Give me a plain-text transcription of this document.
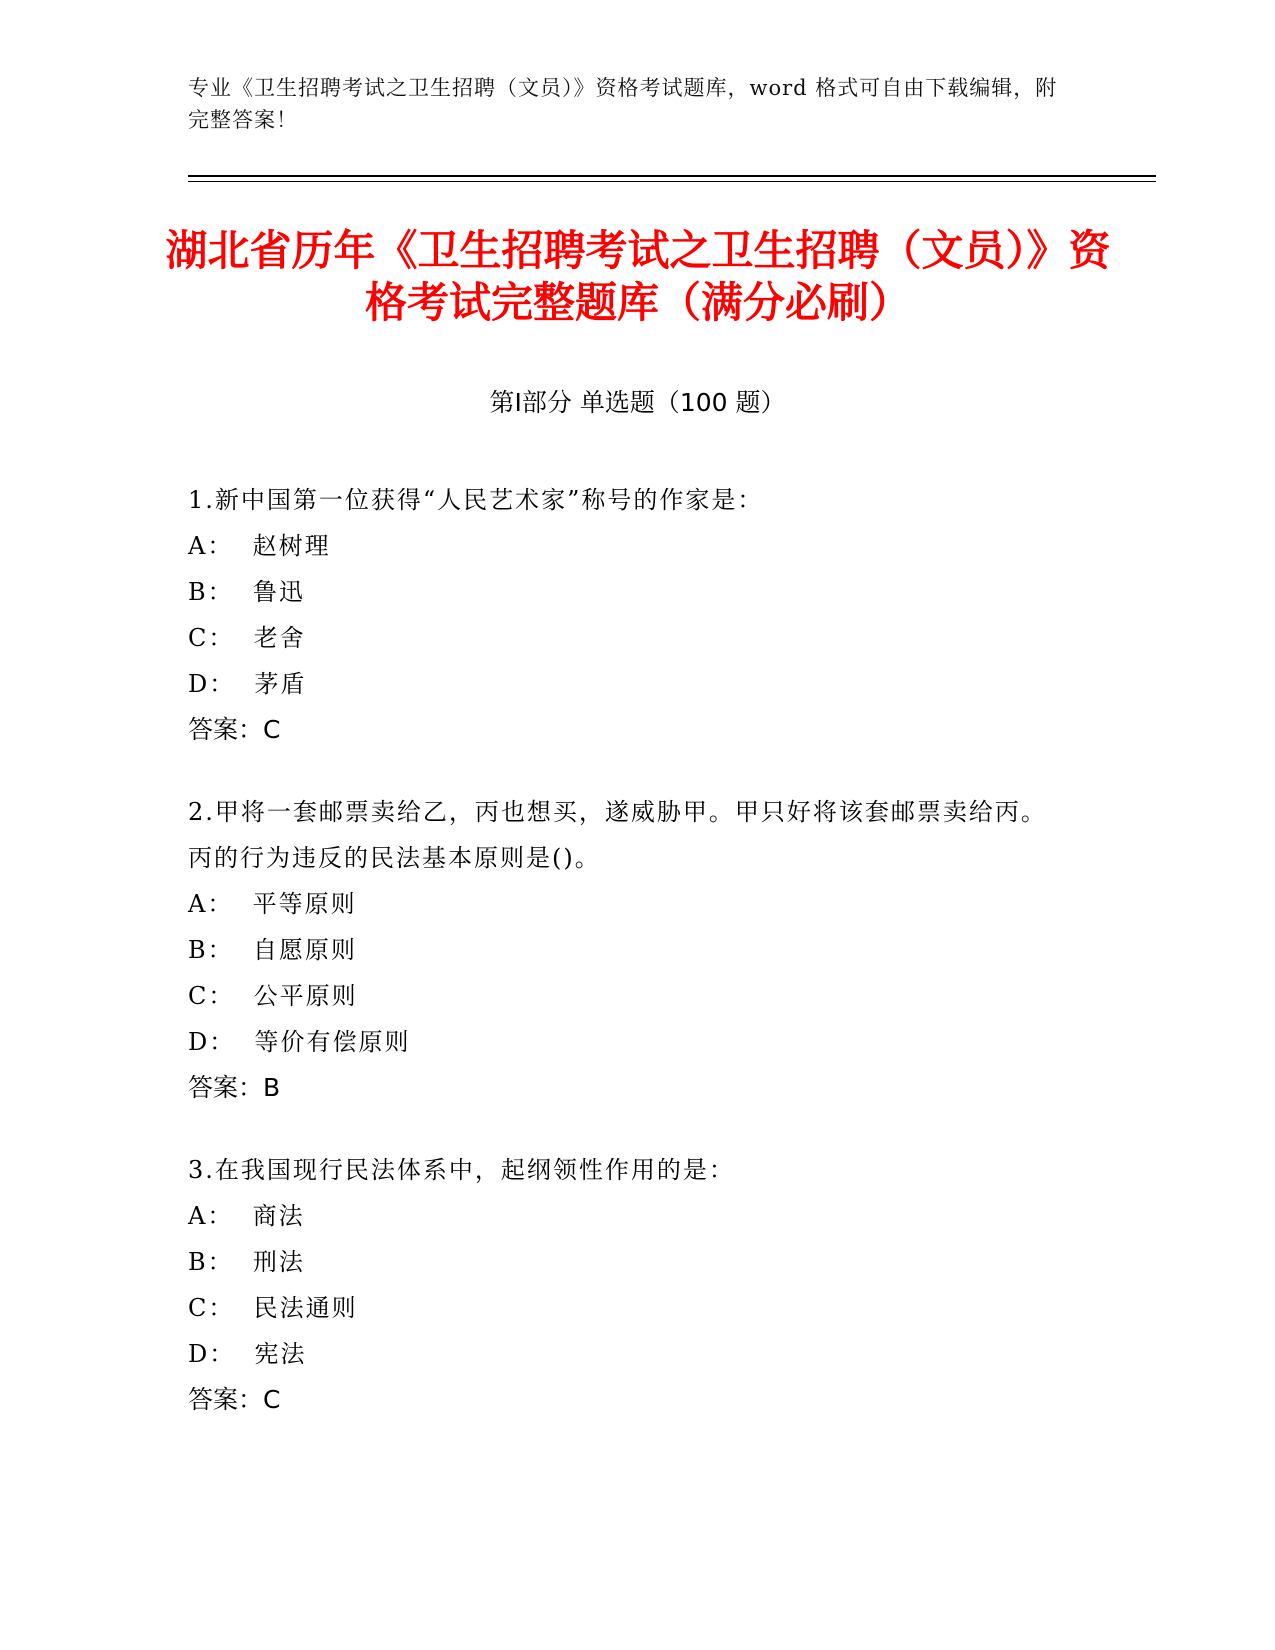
专业《卫生招聘考试之卫生招聘（文员）》资格考试题库，word 格式可自由下载编辑，附完整答案！
湖北省历年《卫生招聘考试之卫生招聘（文员）》资格考试完整题库（满分必刷）
第Ⅰ部分 单选题（100 题）

1.新中国第一位获得“人民艺术家”称号的作家是：

A：  赵树理

B：  鲁迅

C：  老舍

D：  茅盾

答案：C

2.甲将一套邮票卖给乙，丙也想买，遂威胁甲。甲只好将该套邮票卖给丙。丙的行为违反的民法基本原则是()。

A：  平等原则

B：  自愿原则

C：  公平原则

D：  等价有偿原则

答案：B

3.在我国现行民法体系中，起纲领性作用的是：

A：  商法

B：  刑法

C：  民法通则

D：  宪法

答案：C
